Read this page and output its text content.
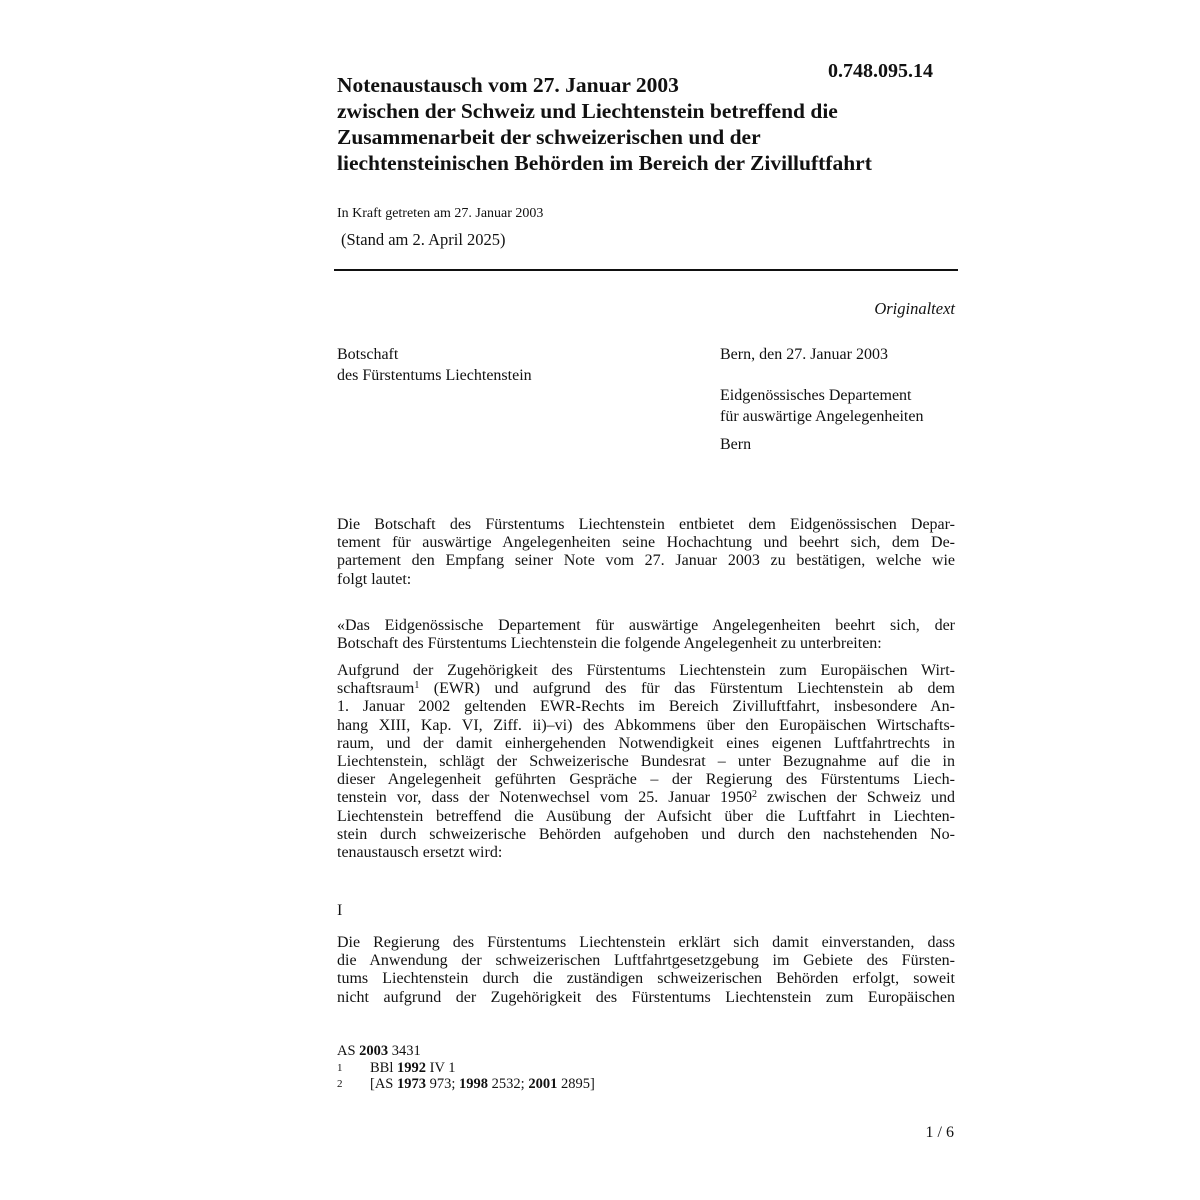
0.748.095.14
Notenaustausch vom 27. Januar 2003
zwischen der Schweiz und Liechtenstein betreffend die
Zusammenarbeit der schweizerischen und der
liechtensteinischen Behörden im Bereich der Zivilluftfahrt
In Kraft getreten am 27. Januar 2003
(Stand am 2. April 2025)
Originaltext
Botschaft
des Fürstentums Liechtenstein
Bern, den 27. Januar 2003
Eidgenössisches Departement
für auswärtige Angelegenheiten
Bern
Die Botschaft des Fürstentums Liechtenstein entbietet dem Eidgenössischen Depar-
tement für auswärtige Angelegenheiten seine Hochachtung und beehrt sich, dem De-
partement den Empfang seiner Note vom 27. Januar 2003 zu bestätigen, welche wie
folgt lautet:
«Das Eidgenössische Departement für auswärtige Angelegenheiten beehrt sich, der
Botschaft des Fürstentums Liechtenstein die folgende Angelegenheit zu unterbreiten:
Aufgrund der Zugehörigkeit des Fürstentums Liechtenstein zum Europäischen Wirt-
schaftsraum$^1$ (EWR) und aufgrund des für das Fürstentum Liechtenstein ab dem
1. Januar 2002 geltenden EWR-Rechts im Bereich Zivilluftfahrt, insbesondere An-
hang XIII, Kap. VI, Ziff. ii)–vi) des Abkommens über den Europäischen Wirtschafts-
raum, und der damit einhergehenden Notwendigkeit eines eigenen Luftfahrtrechts in
Liechtenstein, schlägt der Schweizerische Bundesrat – unter Bezugnahme auf die in
dieser Angelegenheit geführten Gespräche – der Regierung des Fürstentums Liech-
tenstein vor, dass der Notenwechsel vom 25. Januar 1950$^2$ zwischen der Schweiz und
Liechtenstein betreffend die Ausübung der Aufsicht über die Luftfahrt in Liechten-
stein durch schweizerische Behörden aufgehoben und durch den nachstehenden No-
tenaustausch ersetzt wird:
I
Die Regierung des Fürstentums Liechtenstein erklärt sich damit einverstanden, dass
die Anwendung der schweizerischen Luftfahrtgesetzgebung im Gebiete des Fürsten-
tums Liechtenstein durch die zuständigen schweizerischen Behörden erfolgt, soweit
nicht aufgrund der Zugehörigkeit des Fürstentums Liechtenstein zum Europäischen
AS 2003 3431
1	BBl 1992 IV 1
2	[AS 1973 973; 1998 2532; 2001 2895]
1 / 6
